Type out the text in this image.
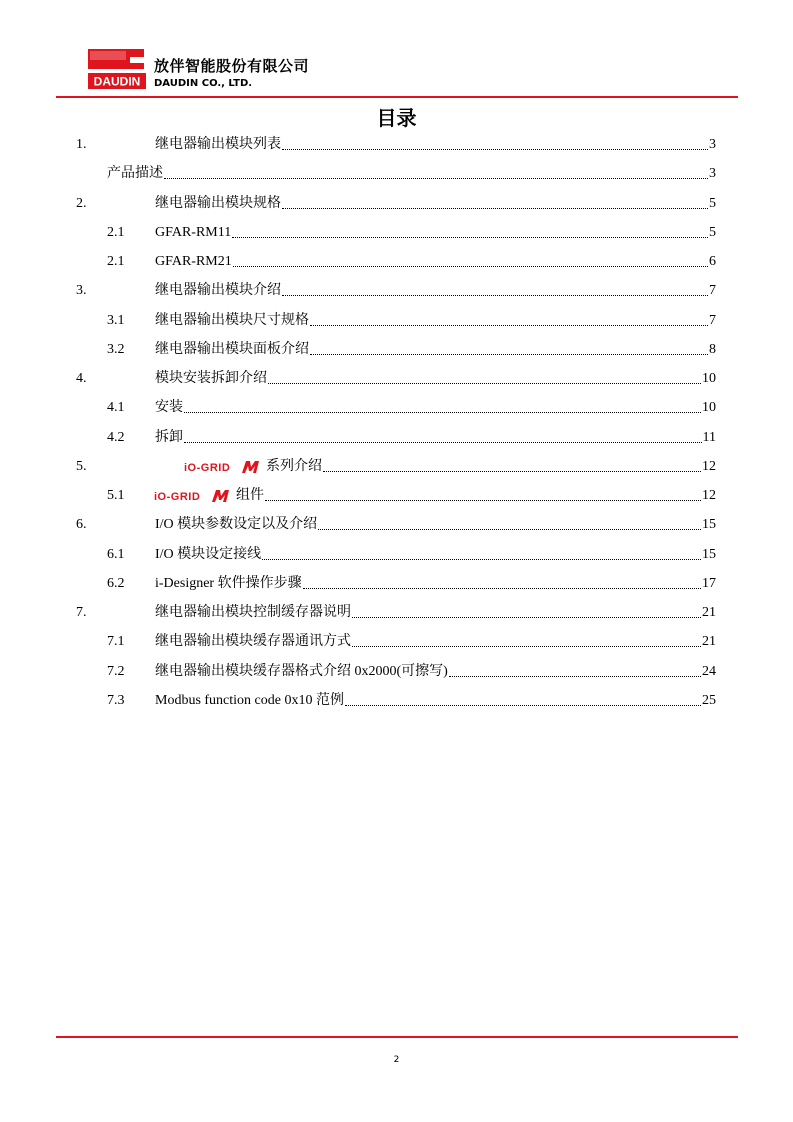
DAUDIN
放伴智能股份有限公司
DAUDIN CO., LTD.
目录
1.	继电器输出模块列表	3
产品描述	3
2.	继电器输出模块规格	5
2.1	GFAR-RM11	5
2.1	GFAR-RM21	6
3.	继电器输出模块介绍	7
3.1	继电器输出模块尺寸规格	7
3.2	继电器输出模块面板介绍	8
4.	模块安装拆卸介绍	10
4.1	安装	10
4.2	拆卸	11
5.	iO-GRID	系列介绍	12
5.1	iO-GRID	组件	12
6.	I/O 模块参数设定以及介绍	15
6.1	I/O 模块设定接线	15
6.2	i-Designer 软件操作步骤	17
7.	继电器输出模块控制缓存器说明	21
7.1	继电器输出模块缓存器通讯方式	21
7.2	继电器输出模块缓存器格式介绍 0x2000(可擦写)	24
7.3	Modbus function code 0x10 范例	25
2
